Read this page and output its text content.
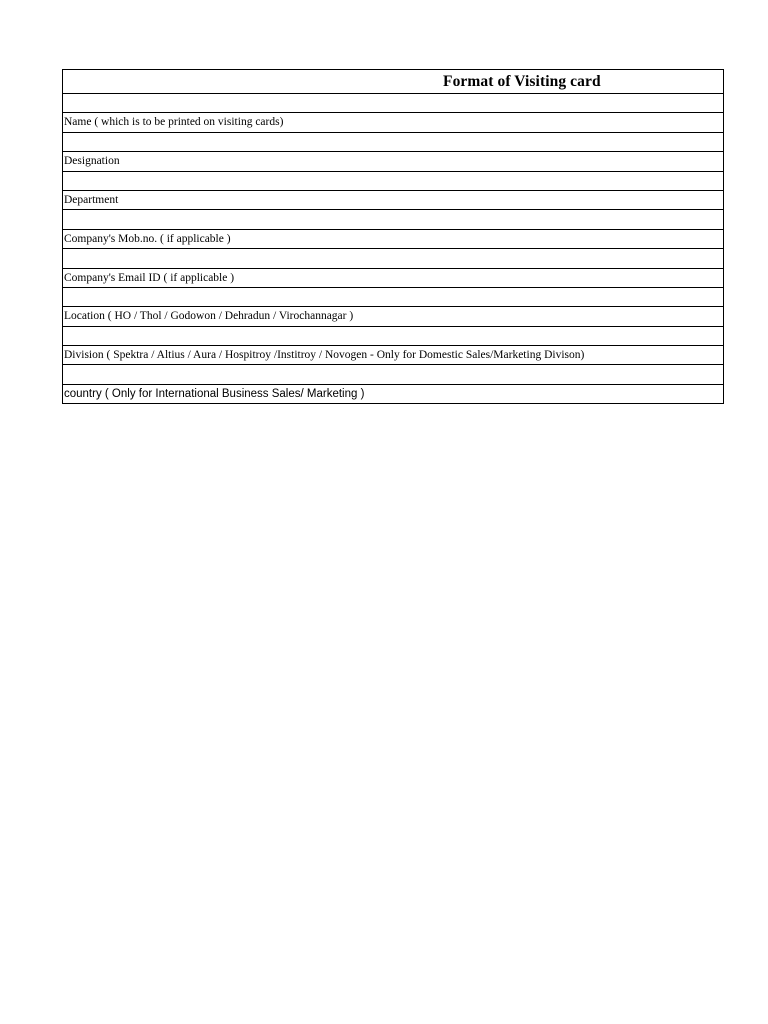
Format of Visiting card
Name ( which is to be printed on visiting cards)
Designation
Department
Company's Mob.no. ( if applicable )
Company's Email ID ( if applicable )
Location ( HO / Thol / Godowon / Dehradun / Virochannagar )
Division ( Spektra / Altius / Aura / Hospitroy /Institroy / Novogen - Only for Domestic Sales/Marketing Divison)
country ( Only for International Business Sales/ Marketing )
